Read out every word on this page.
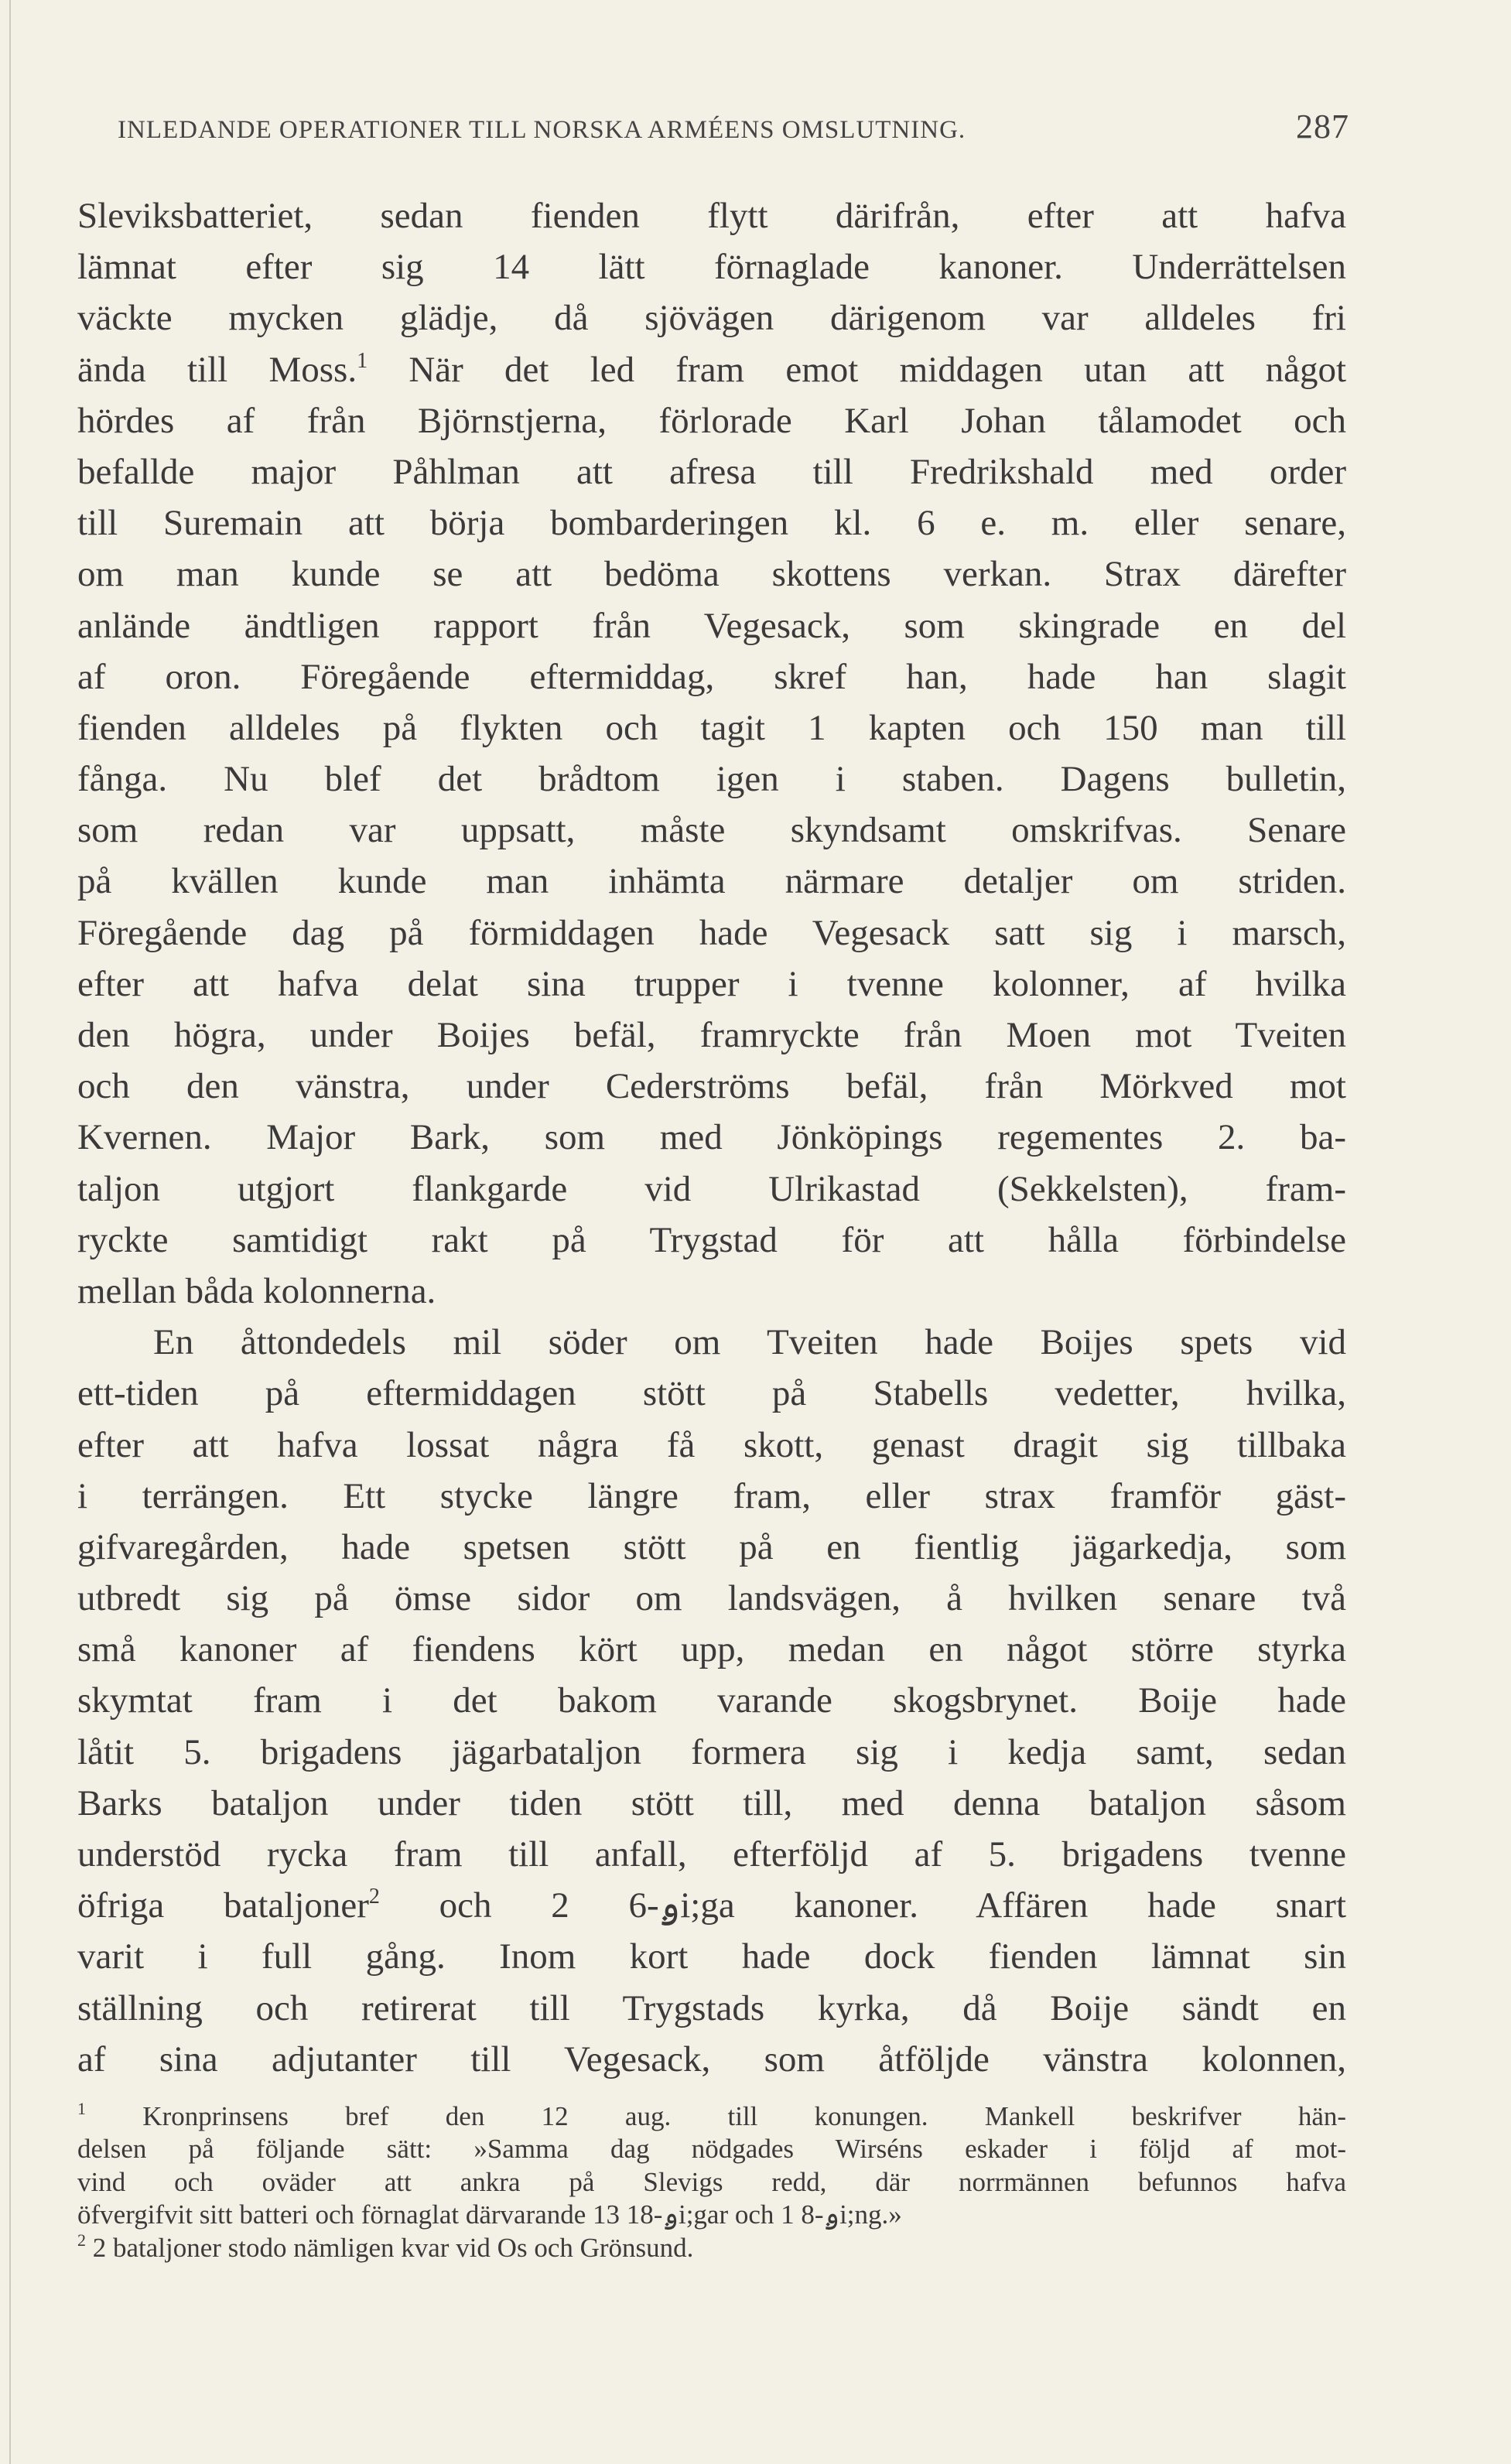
INLEDANDE OPERATIONER TILL NORSKA ARMÉENS OMSLUTNING.	287
Sleviksbatteriet, sedan fienden flytt därifrån, efter att hafva
lämnat efter sig 14 lätt förnaglade kanoner. Underrättelsen
väckte mycken glädje, då sjövägen därigenom var alldeles fri
ända till Moss.$^1$ När det led fram emot middagen utan att något
hördes af från Björnstjerna, förlorade Karl Johan tålamodet och
befallde major Påhlman att afresa till Fredrikshald med order
till Suremain att börja bombarderingen kl. 6 e. m. eller senare,
om man kunde se att bedöma skottens verkan. Strax därefter
anlände ändtligen rapport från Vegesack, som skingrade en del
af oron. Föregående eftermiddag, skref han, hade han slagit
fienden alldeles på flykten och tagit 1 kapten och 150 man till
fånga. Nu blef det brådtom igen i staben. Dagens bulletin,
som redan var uppsatt, måste skyndsamt omskrifvas. Senare
på kvällen kunde man inhämta närmare detaljer om striden.
Föregående dag på förmiddagen hade Vegesack satt sig i marsch,
efter att hafva delat sina trupper i tvenne kolonner, af hvilka
den högra, under Boijes befäl, framryckte från Moen mot Tveiten
och den vänstra, under Cederströms befäl, från Mörkved mot
Kvernen. Major Bark, som med Jönköpings regementes 2. ba-
taljon utgjort flankgarde vid Ulrikastad (Sekkelsten), fram-
ryckte samtidigt rakt på Trygstad för att hålla förbindelse
mellan båda kolonnerna.
En åttondedels mil söder om Tveiten hade Boijes spets vid
ett-tiden på eftermiddagen stött på Stabells vedetter, hvilka,
efter att hafva lossat några få skott, genast dragit sig tillbaka
i terrängen. Ett stycke längre fram, eller strax framför gäst-
gifvaregården, hade spetsen stött på en fientlig jägarkedja, som
utbredt sig på ömse sidor om landsvägen, å hvilken senare två
små kanoner af fiendens kört upp, medan en något större styrka
skymtat fram i det bakom varande skogsbrynet. Boije hade
låtit 5. brigadens jägarbataljon formera sig i kedja samt, sedan
Barks bataljon under tiden stött till, med denna bataljon såsom
understöd rycka fram till anfall, efterföljd af 5. brigadens tvenne
öfriga bataljoner$^2$ och 2 6-ࢫi;ga kanoner. Affären hade snart
varit i full gång. Inom kort hade dock fienden lämnat sin
ställning och retirerat till Trygstads kyrka, då Boije sändt en
af sina adjutanter till Vegesack, som åtföljde vänstra kolonnen,
$^1$ Kronprinsens bref den 12 aug. till konungen. Mankell beskrifver hän-
delsen på följande sätt: »Samma dag nödgades Wirséns eskader i följd af mot-
vind och oväder att ankra på Slevigs redd, där norrmännen befunnos hafva
öfvergifvit sitt batteri och förnaglat därvarande 13 18-ࢫi;gar och 1 8-ࢫi;ng.»
$^2$ 2 bataljoner stodo nämligen kvar vid Os och Grönsund.
